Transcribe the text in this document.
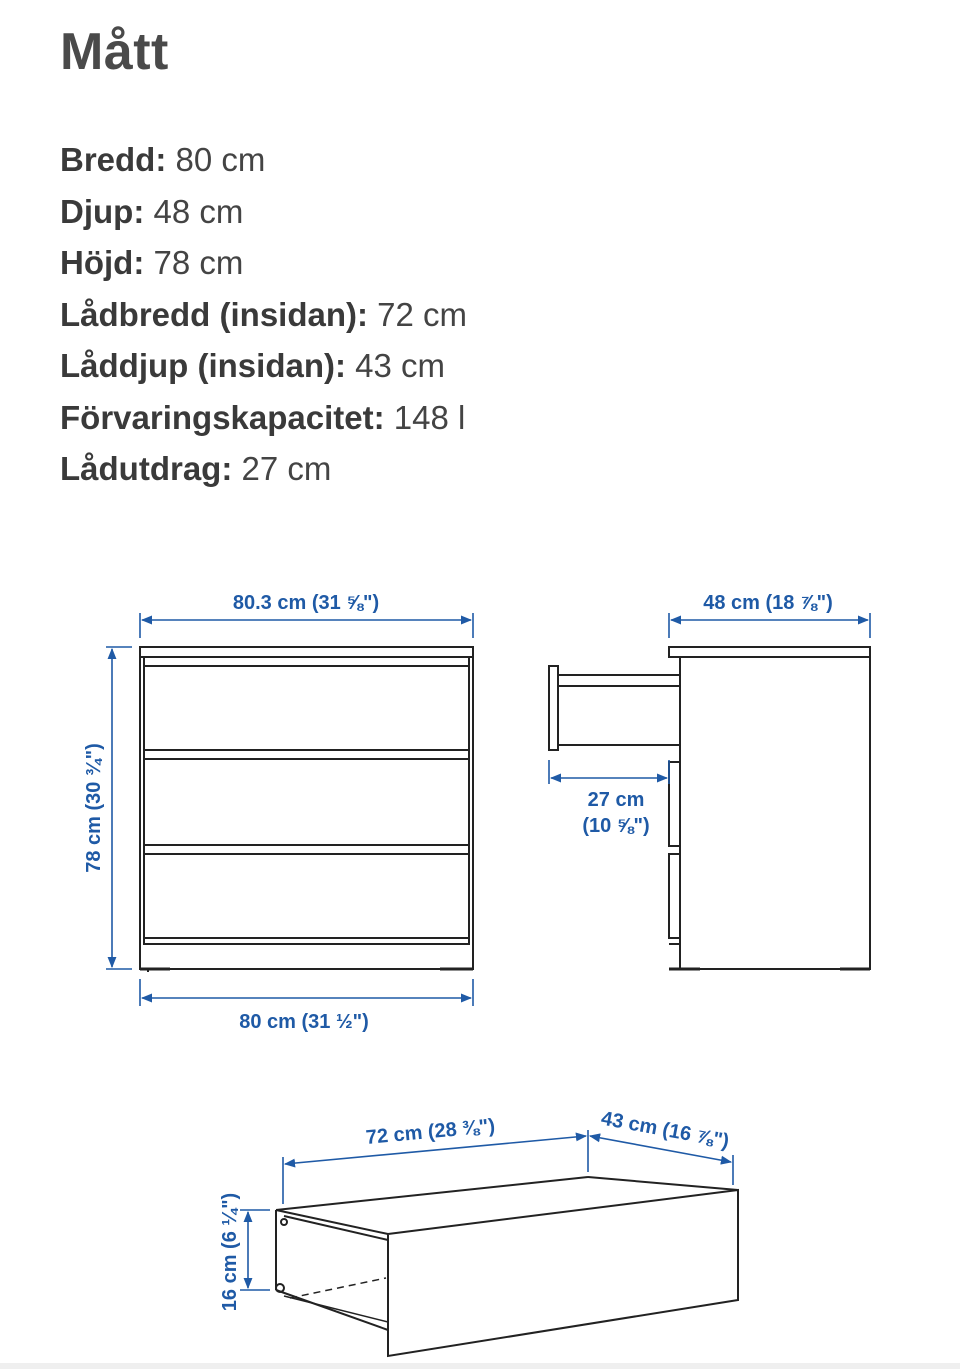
Mått
Bredd: 80 cm
Djup: 48 cm
Höjd: 78 cm
Lådbredd (insidan): 72 cm
Låddjup (insidan): 43 cm
Förvaringskapacitet: 148 l
Lådutdrag: 27 cm
80.3 cm (31 ⅝")
78 cm (30 ¾")
80 cm (31 ½")
48 cm (18 ⅞")
27 cm
(10 ⅝")
72 cm (28 ⅜")	43 cm (16 ⅞")
16 cm (6 ¼")
